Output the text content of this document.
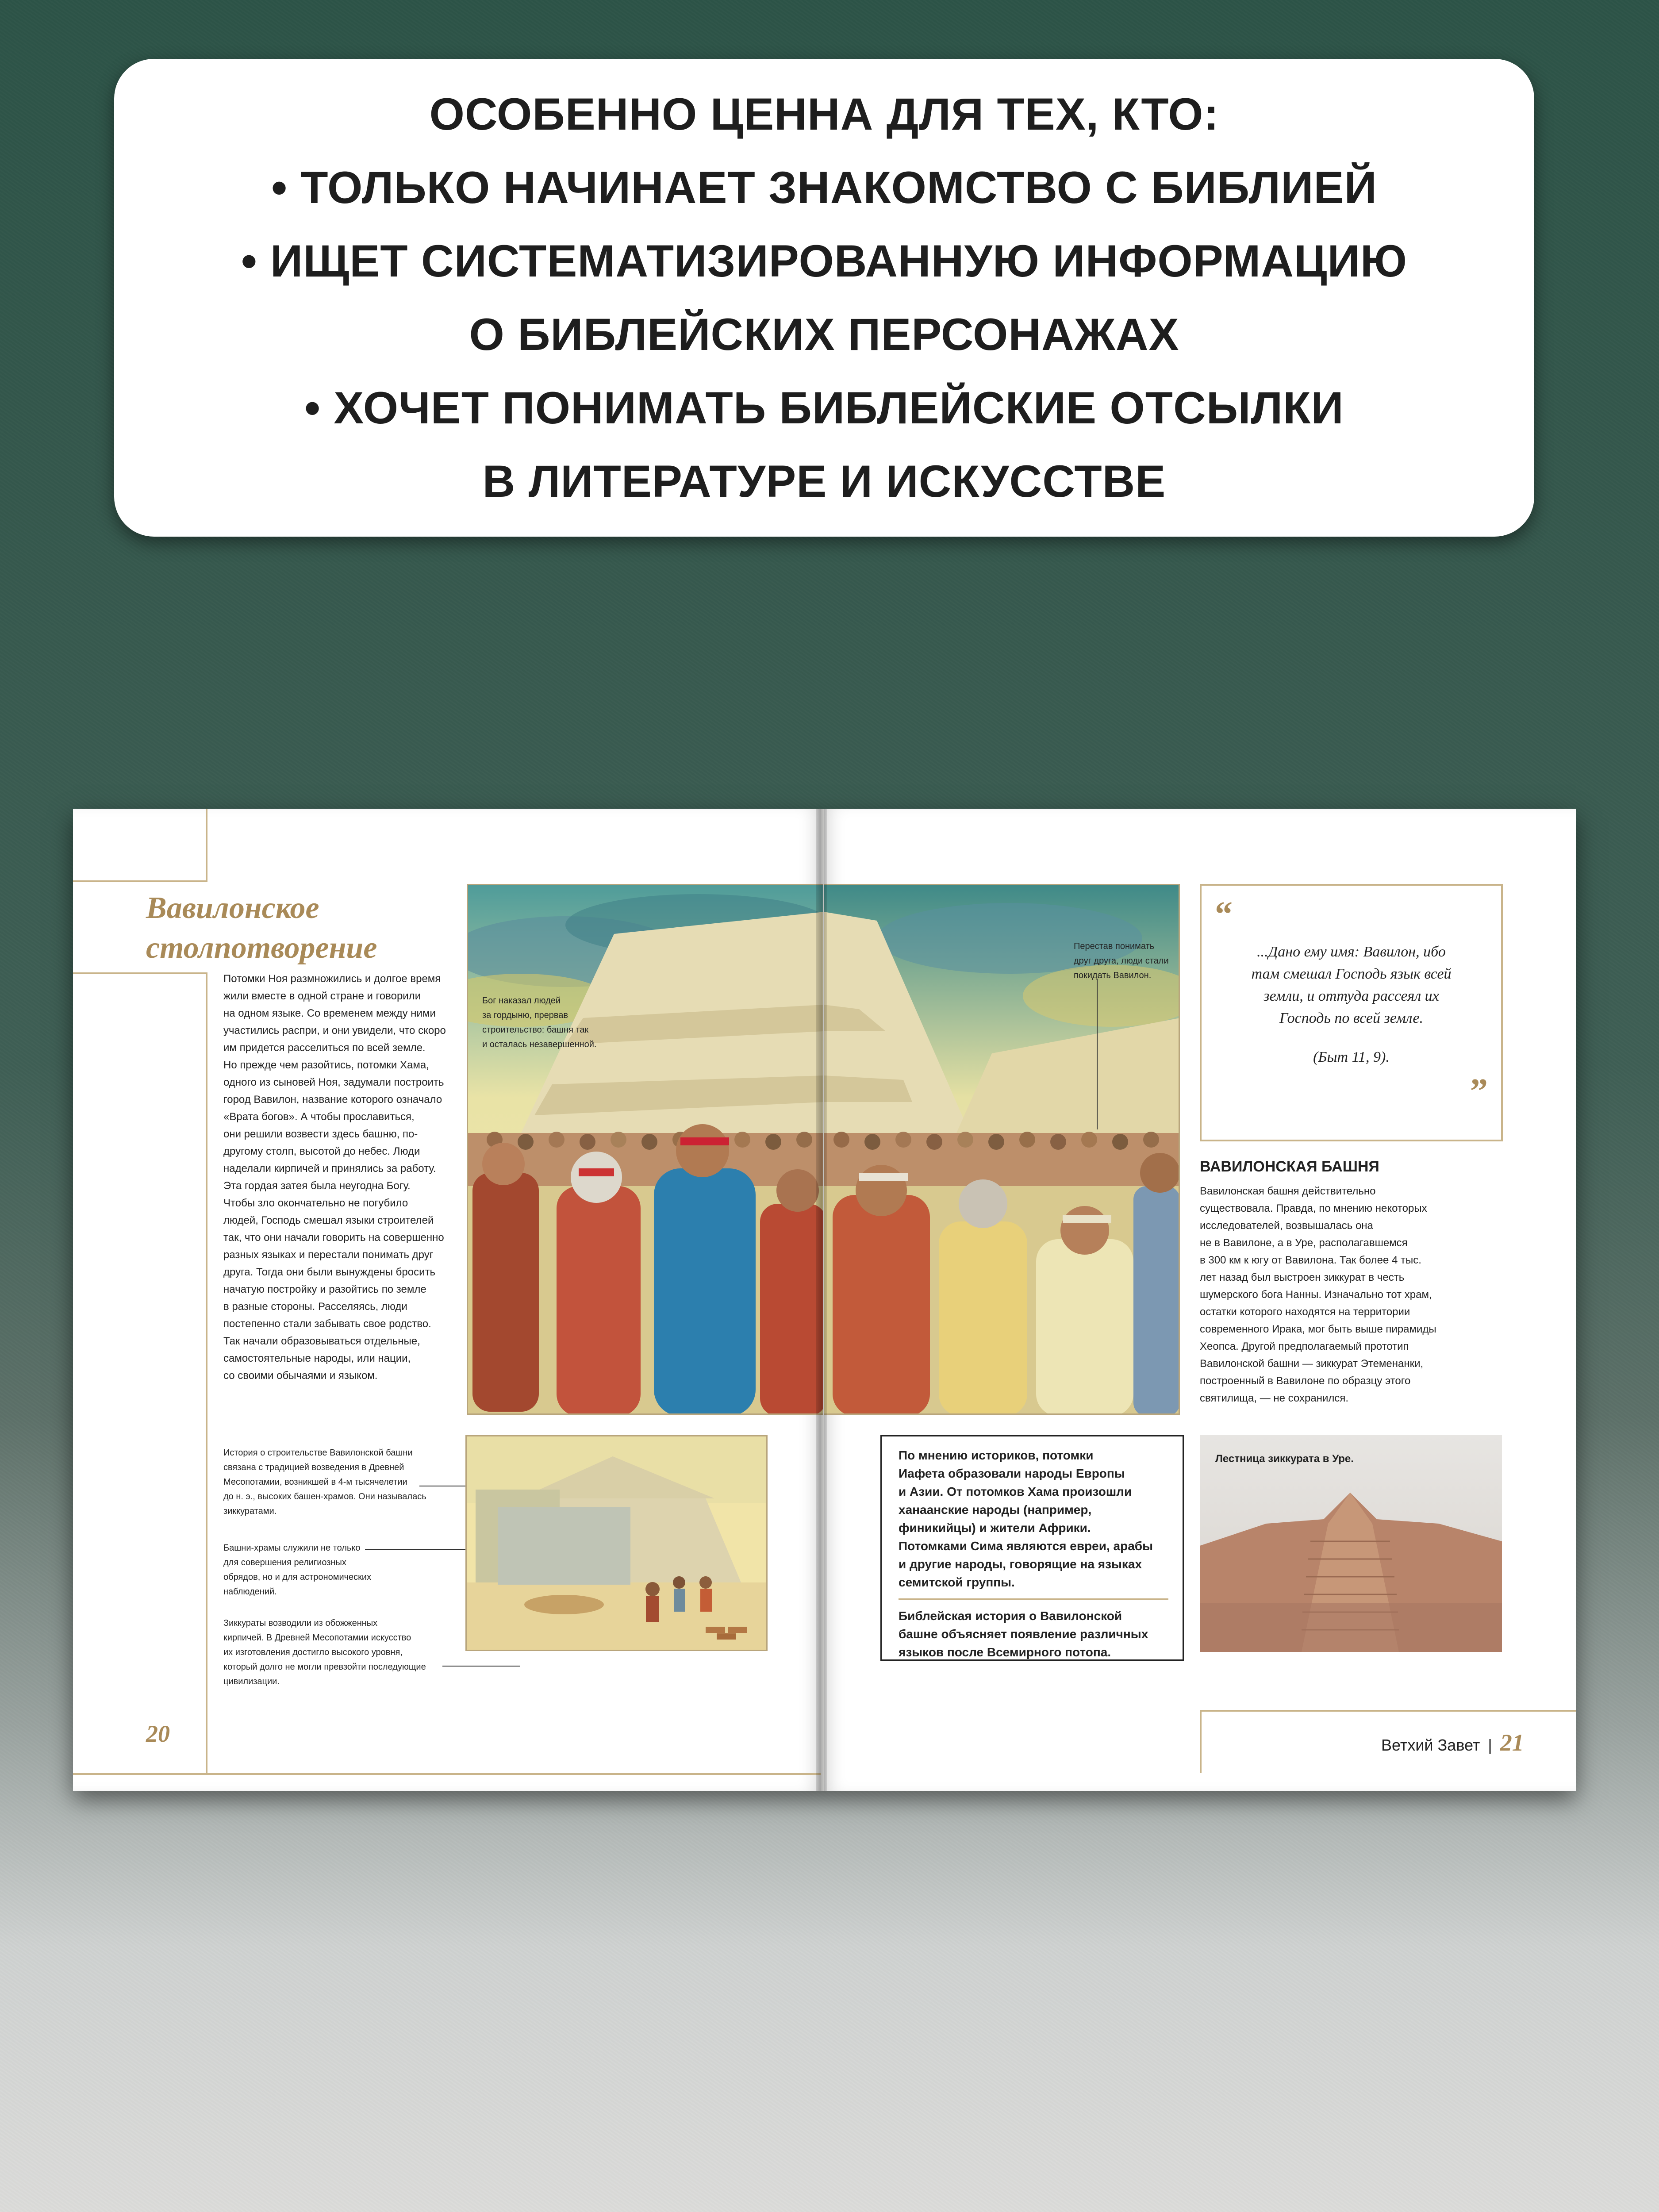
ОСОБЕННО ЦЕННА ДЛЯ ТЕХ, КТО:
• ТОЛЬКО НАЧИНАЕТ ЗНАКОМСТВО С БИБЛИЕЙ
• ИЩЕТ СИСТЕМАТИЗИРОВАННУЮ ИНФОРМАЦИЮ
О БИБЛЕЙСКИХ ПЕРСОНАЖАХ
• ХОЧЕТ ПОНИМАТЬ БИБЛЕЙСКИЕ ОТСЫЛКИ
В ЛИТЕРАТУРЕ И ИСКУССТВЕ
Вавилонское
столпотворение
Потомки Ноя размножились и долгое время
жили вместе в одной стране и говорили
на одном языке. Со временем между ними
участились распри, и они увидели, что скоро
им придется расселиться по всей земле.
Но прежде чем разойтись, потомки Хама,
одного из сыновей Ноя, задумали построить
город Вавилон, название которого означало
«Врата богов». А чтобы прославиться,
они решили возвести здесь башню, по-
другому столп, высотой до небес. Люди
наделали кирпичей и принялись за работу.
Эта гордая затея была неугодна Богу.
Чтобы зло окончательно не погубило
людей, Господь смешал языки строителей
так, что они начали говорить на совершенно
разных языках и перестали понимать друг
друга. Тогда они были вынуждены бросить
начатую постройку и разойтись по земле
в разные стороны. Расселяясь, люди
постепенно стали забывать свое родство.
Так начали образовываться отдельные,
самостоятельные народы, или нации,
со своими обычаями и языком.
Бог наказал людей
за гордыню, прервав
строительство: башня так
и осталась незавершенной.
История о строительстве Вавилонской башни
связана с традицией возведения в Древней
Месопотамии, возникшей в 4-м тысячелетии
до н. э., высоких башен-храмов. Они называлась
зиккуратами.
Башни-храмы служили не только
для совершения религиозных
обрядов, но и для астрономических
наблюдений.
Зиккураты возводили из обожженных
кирпичей. В Древней Месопотамии искусство
их изготовления достигло высокого уровня,
который долго не могли превзойти последующие
цивилизации.
20
Перестав понимать
друг друга, люди стали
покидать Вавилон.
“
...Дано ему имя: Вавилон, ибо
там смешал Господь язык всей
земли, и оттуда рассеял их
Господь по всей земле.
(Быт 11, 9).
”
ВАВИЛОНСКАЯ БАШНЯ
Вавилонская башня действительно
существовала. Правда, по мнению некоторых
исследователей, возвышалась она
не в Вавилоне, а в Уре, располагавшемся
в 300 км к югу от Вавилона. Так более 4 тыс.
лет назад был выстроен зиккурат в честь
шумерского бога Нанны. Изначально тот храм,
остатки которого находятся на территории
современного Ирака, мог быть выше пирамиды
Хеопса. Другой предполагаемый прототип
Вавилонской башни — зиккурат Этеменанки,
построенный в Вавилоне по образцу этого
святилища, — не сохранился.
По мнению историков, потомки
Иафета образовали народы Европы
и Азии. От потомков Хама произошли
ханаанские народы (например,
финикийцы) и жители Африки.
Потомками Сима являются евреи, арабы
и другие народы, говорящие на языках
семитской группы.
Библейская история о Вавилонской
башне объясняет появление различных
языков после Всемирного потопа.
Лестница зиккурата в Уре.
Ветхий Завет | 21
